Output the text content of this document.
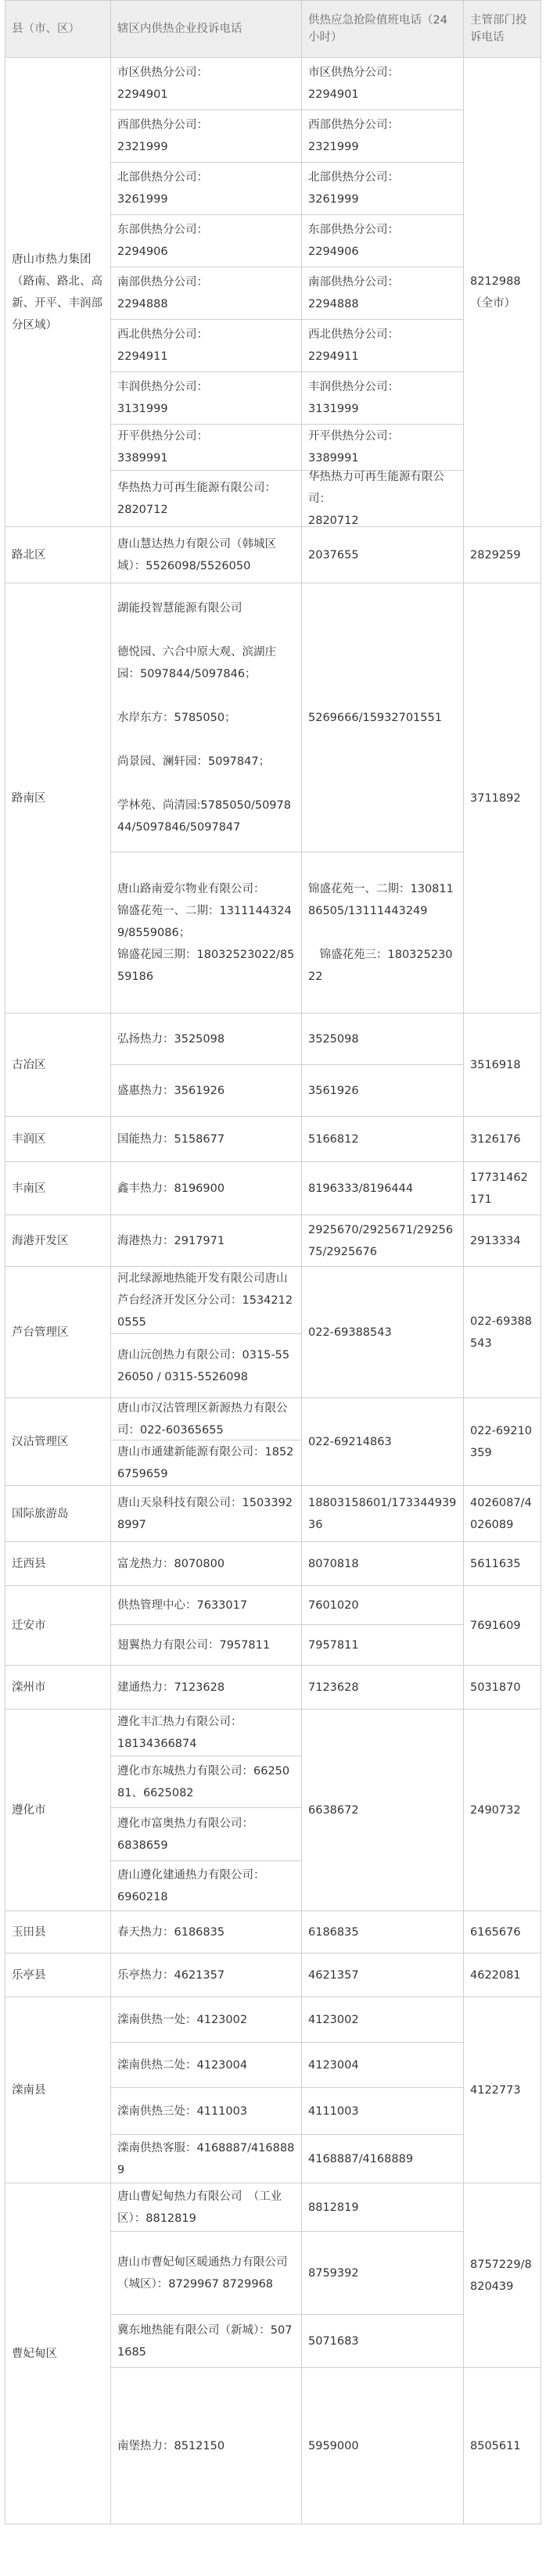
县（市、区）	辖区内供热企业投诉电话
供热应急抢险值班电话（24小时）
主管部门投诉电话
唐山市热力集团　（路南、路北、高新、开平、丰润部分区域）
路北区
路南区
古冶区
丰润区
丰南区
海港开发区
芦台管理区
汉沽管理区
国际旅游岛
迁西县
迁安市
滦州市
遵化市
玉田县
乐亭县
滦南县
曹妃甸区
市区供热分公司：
2294901
西部供热分公司：
2321999
北部供热分公司：
3261999
东部供热分公司：
2294906
南部供热分公司：
2294888
西北供热分公司：
2294911
丰润供热分公司：
3131999
开平供热分公司：
3389991
华热热力可再生能源有限公司：
2820712
唐山慧达热力有限公司（韩城区域）：5526098/5526050
湖能投智慧能源有限公司

德悦园、六合中原大观、滨湖庄园：5097844/5097846；

水岸东方：5785050；

尚景园、澜轩园：5097847；

学林苑、尚清园:5785050/5097844/5097846/5097847
唐山路南爱尔物业有限公司：
锦盛花苑一、二期：13111443249/8559086；
锦盛花园三期：18032523022/8559186
弘扬热力：3525098
盛惠热力：3561926
国能热力：5158677
鑫丰热力：8196900
海港热力：2917971
河北绿源地热能开发有限公司唐山芦台经济开发区分公司：15342120555
唐山沅创热力有限公司：0315-5526050 / 0315-5526098
唐山市汉沽管理区新源热力有限公司：022-60365655
唐山市通建新能源有限公司：18526759659
唐山天泉科技有限公司：15033928997
富龙热力：8070800
供热管理中心：7633017
翅翼热力有限公司：7957811
建通热力：7123628
遵化丰汇热力有限公司：
18134366874
遵化市东城热力有限公司：6625081、6625082
遵化市富奥热力有限公司：
6838659
唐山遵化建通热力有限公司：
6960218
春天热力：6186835
乐亭热力：4621357
滦南供热一处：4123002
滦南供热二处：4123004
滦南供热三处：4111003
滦南供热客服：4168887/4168889
唐山曹妃甸热力有限公司　（工业区）：8812819
唐山市曹妃甸区暖通热力有限公司（城区）：8729967 8729968
冀东地热能有限公司（新城）：5071685
南堡热力：8512150
市区供热分公司：
2294901
西部供热分公司：
2321999
北部供热分公司：
3261999
东部供热分公司：
2294906
南部供热分公司：
2294888
西北供热分公司：
2294911
丰润供热分公司：
3131999
开平供热分公司：
3389991
华热热力可再生能源有限公司：
2820712
2037655
5269666/15932701551
锦盛花苑一、二期：13081186505/13111443249

　锦盛花苑三：18032523022
3525098
3561926
5166812
8196333/8196444
2925670/2925671/2925675/2925676
022-69388543
022-69214863
18803158601/17334493936
8070818
7601020
7957811
7123628
6638672
6186835
4621357
4123002
4123004
4111003
4168887/4168889
8812819
8759392
5071683
5959000
8212988
（全市）
2829259
3711892
3516918
3126176
17731462171
2913334
022-69388543
022-69210359
4026087/4026089
5611635
7691609
5031870
2490732
6165676
4622081
4122773
8757229/8820439
8505611
